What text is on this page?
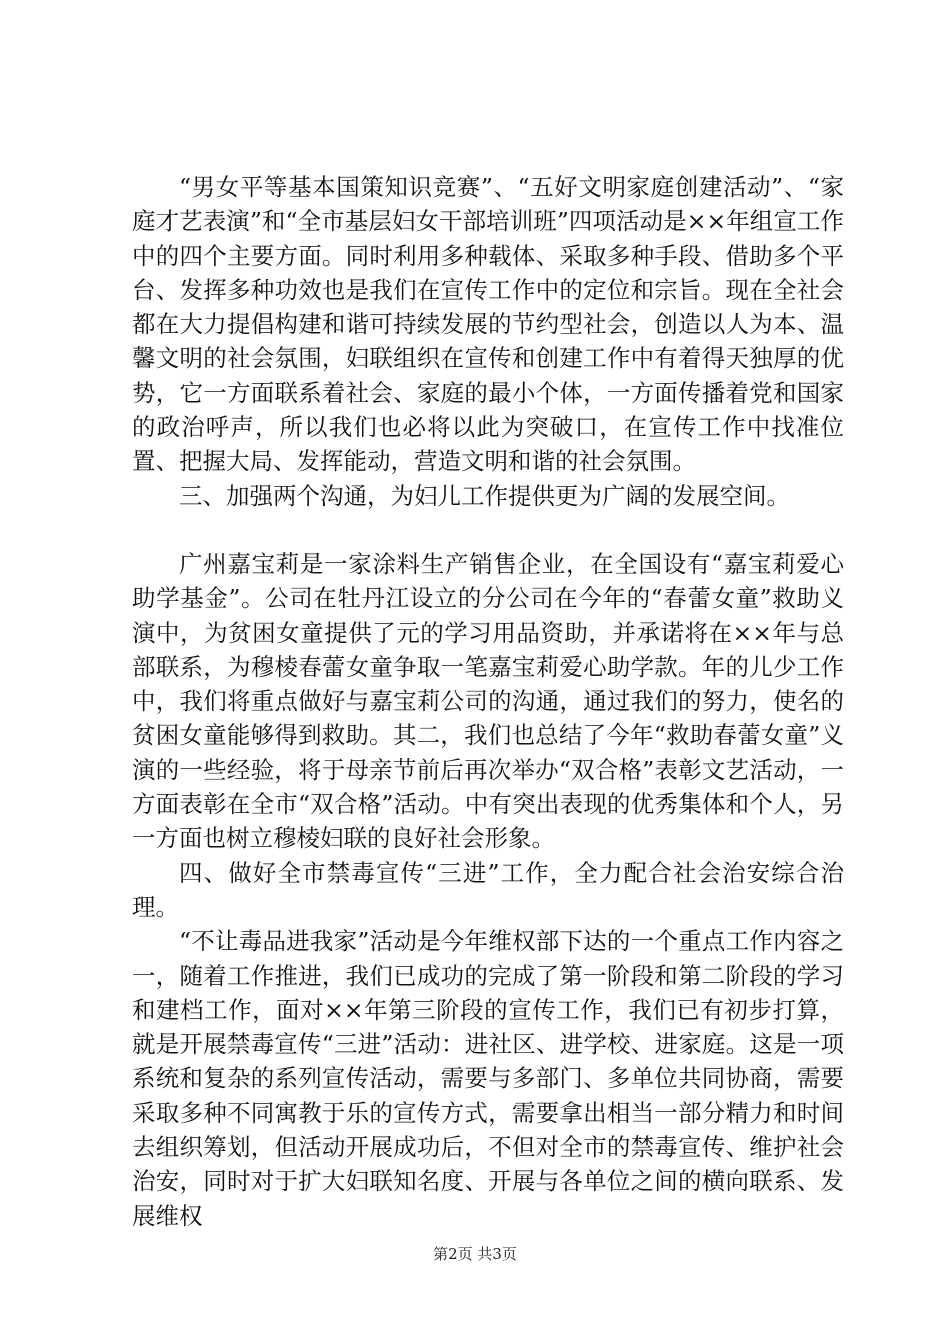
“男女平等基本国策知识竞赛”、“五好文明家庭创建活动”、“家庭才艺表演”和“全市基层妇女干部培训班”四项活动是××年组宣工作中的四个主要方面。同时利用多种载体、采取多种手段、借助多个平台、发挥多种功效也是我们在宣传工作中的定位和宗旨。现在全社会都在大力提倡构建和谐可持续发展的节约型社会，创造以人为本、温馨文明的社会氛围，妇联组织在宣传和创建工作中有着得天独厚的优势，它一方面联系着社会、家庭的最小个体，一方面传播着党和国家的政治呼声，所以我们也必将以此为突破口，在宣传工作中找准位置、把握大局、发挥能动，营造文明和谐的社会氛围。

三、加强两个沟通，为妇儿工作提供更为广阔的发展空间。

广州嘉宝莉是一家涂料生产销售企业，在全国设有“嘉宝莉爱心助学基金”。公司在牡丹江设立的分公司在今年的“春蕾女童”救助义演中，为贫困女童提供了元的学习用品资助，并承诺将在××年与总部联系，为穆棱春蕾女童争取一笔嘉宝莉爱心助学款。年的儿少工作中，我们将重点做好与嘉宝莉公司的沟通，通过我们的努力，使名的贫困女童能够得到救助。其二，我们也总结了今年“救助春蕾女童”义演的一些经验，将于母亲节前后再次举办“双合格”表彰文艺活动，一方面表彰在全市“双合格”活动。中有突出表现的优秀集体和个人，另一方面也树立穆棱妇联的良好社会形象。

四、做好全市禁毒宣传“三进”工作，全力配合社会治安综合治理。

“不让毒品进我家”活动是今年维权部下达的一个重点工作内容之一，随着工作推进，我们已成功的完成了第一阶段和第二阶段的学习和建档工作，面对××年第三阶段的宣传工作，我们已有初步打算，就是开展禁毒宣传“三进”活动：进社区、进学校、进家庭。这是一项系统和复杂的系列宣传活动，需要与多部门、多单位共同协商，需要采取多种不同寓教于乐的宣传方式，需要拿出相当一部分精力和时间去组织筹划，但活动开展成功后，不但对全市的禁毒宣传、维护社会治安，同时对于扩大妇联知名度、开展与各单位之间的横向联系、发展维权

第2页 共3页
